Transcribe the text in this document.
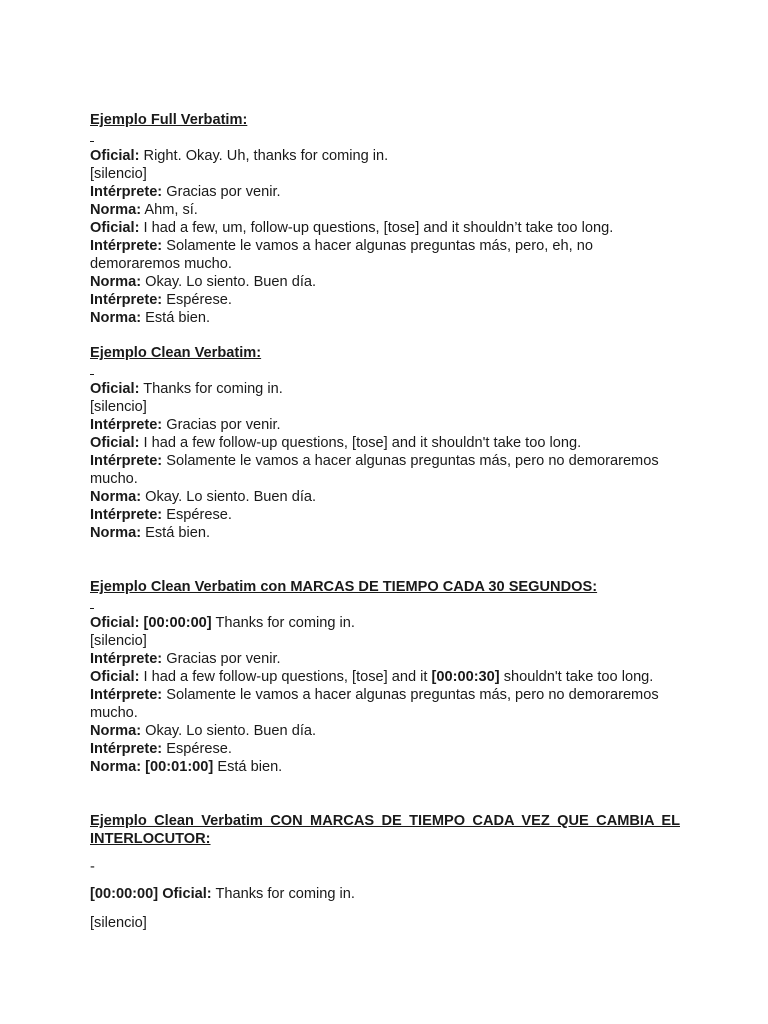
Ejemplo Full Verbatim:

Oficial: Right. Okay. Uh, thanks for coming in.

[silencio]

Intérprete: Gracias por venir.

Norma: Ahm, sí.

Oficial: I had a few, um, follow-up questions, [tose] and it shouldn’t take too long.

Intérprete: Solamente le vamos a hacer algunas preguntas más, pero, eh, no demoraremos mucho.

Norma: Okay. Lo siento. Buen día.

Intérprete: Espérese.

Norma: Está bien.

Ejemplo Clean Verbatim:

Oficial: Thanks for coming in.

[silencio]

Intérprete: Gracias por venir.

Oficial: I had a few follow-up questions, [tose] and it shouldn't take too long.

Intérprete: Solamente le vamos a hacer algunas preguntas más, pero no demoraremos mucho.

Norma: Okay. Lo siento. Buen día.

Intérprete: Espérese.

Norma: Está bien.

Ejemplo Clean Verbatim con MARCAS DE TIEMPO CADA 30 SEGUNDOS:

Oficial: [00:00:00] Thanks for coming in.

[silencio]

Intérprete: Gracias por venir.

Oficial: I had a few follow-up questions, [tose] and it [00:00:30] shouldn't take too long.

Intérprete: Solamente le vamos a hacer algunas preguntas más, pero no demoraremos mucho.

Norma: Okay. Lo siento. Buen día.

Intérprete: Espérese.

Norma: [00:01:00] Está bien.

Ejemplo Clean Verbatim CON MARCAS DE TIEMPO CADA VEZ QUE CAMBIA EL INTERLOCUTOR:

-

[00:00:00] Oficial: Thanks for coming in.

[silencio]
